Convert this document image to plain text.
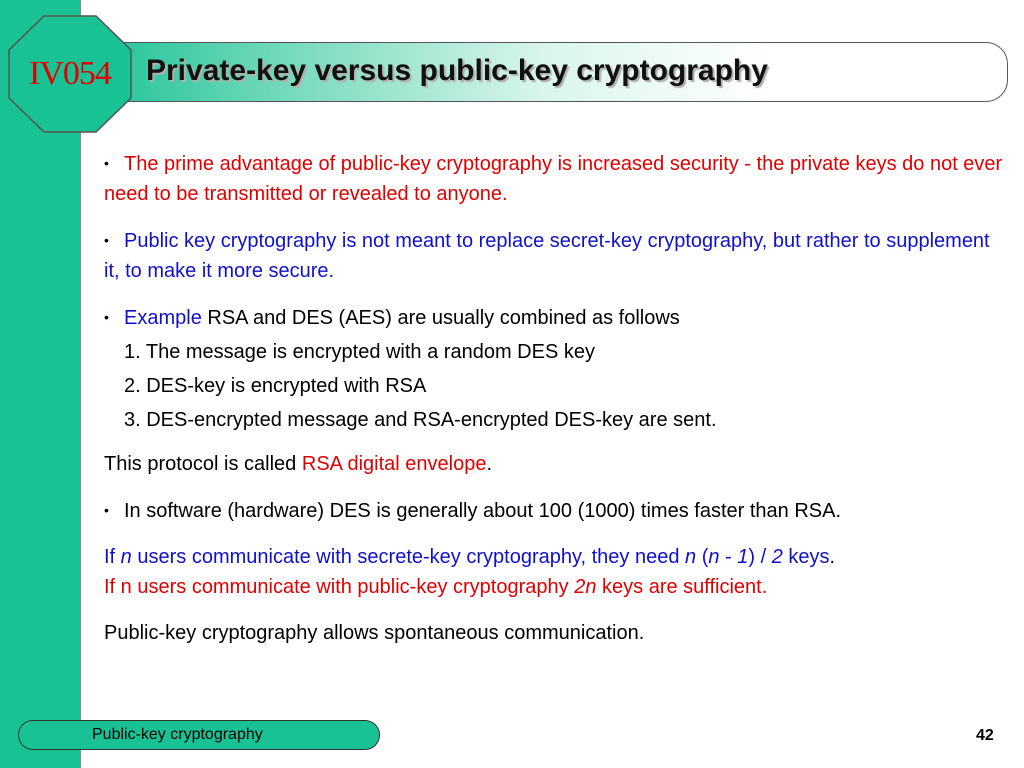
Private-key versus public-key cryptography
IV054

• The prime advantage of public-key cryptography is increased security - the private keys do not ever need to be transmitted or revealed to anyone.

• Public key cryptography is not meant to replace secret-key cryptography, but rather to supplement it, to make it more secure.

• Example RSA and DES (AES) are usually combined as follows

1. The message is encrypted with a random DES key

2. DES-key is encrypted with RSA

3. DES-encrypted message and RSA-encrypted DES-key are sent.

This protocol is called RSA digital envelope.

• In software (hardware) DES is generally about 100 (1000) times faster than RSA.

If n users communicate with secrete-key cryptography, they need n (n - 1) / 2 keys.

If n users communicate with public-key cryptography 2n keys are sufficient.

Public-key cryptography allows spontaneous communication.

Public-key cryptography	42
